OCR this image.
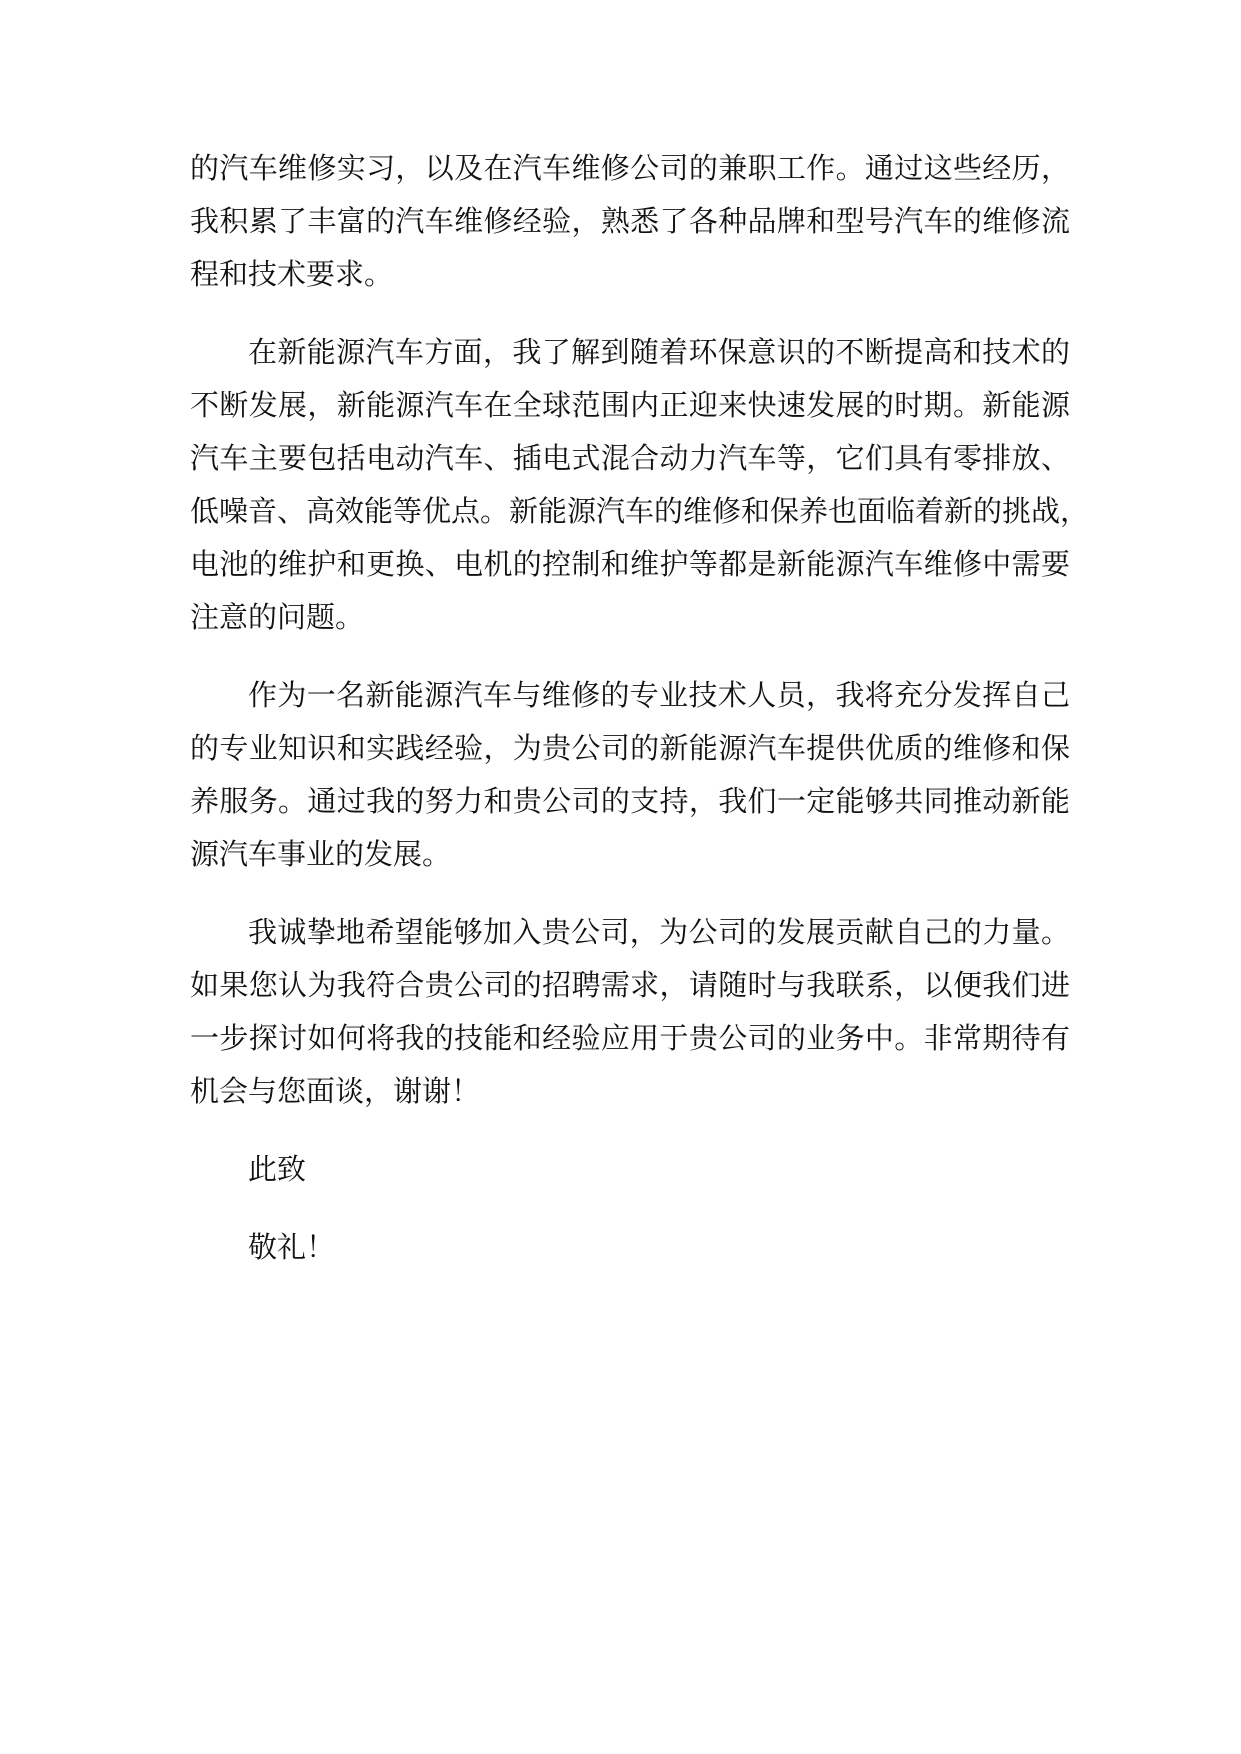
的汽车维修实习，以及在汽车维修公司的兼职工作。通过这些经历，
我积累了丰富的汽车维修经验，熟悉了各种品牌和型号汽车的维修流
程和技术要求。
在新能源汽车方面，我了解到随着环保意识的不断提高和技术的
不断发展，新能源汽车在全球范围内正迎来快速发展的时期。新能源
汽车主要包括电动汽车、插电式混合动力汽车等，它们具有零排放、
低噪音、高效能等优点。新能源汽车的维修和保养也面临着新的挑战，
电池的维护和更换、电机的控制和维护等都是新能源汽车维修中需要
注意的问题。
作为一名新能源汽车与维修的专业技术人员，我将充分发挥自己
的专业知识和实践经验，为贵公司的新能源汽车提供优质的维修和保
养服务。通过我的努力和贵公司的支持，我们一定能够共同推动新能
源汽车事业的发展。
我诚挚地希望能够加入贵公司，为公司的发展贡献自己的力量。
如果您认为我符合贵公司的招聘需求，请随时与我联系，以便我们进
一步探讨如何将我的技能和经验应用于贵公司的业务中。非常期待有
机会与您面谈，谢谢！
此致
敬礼！
